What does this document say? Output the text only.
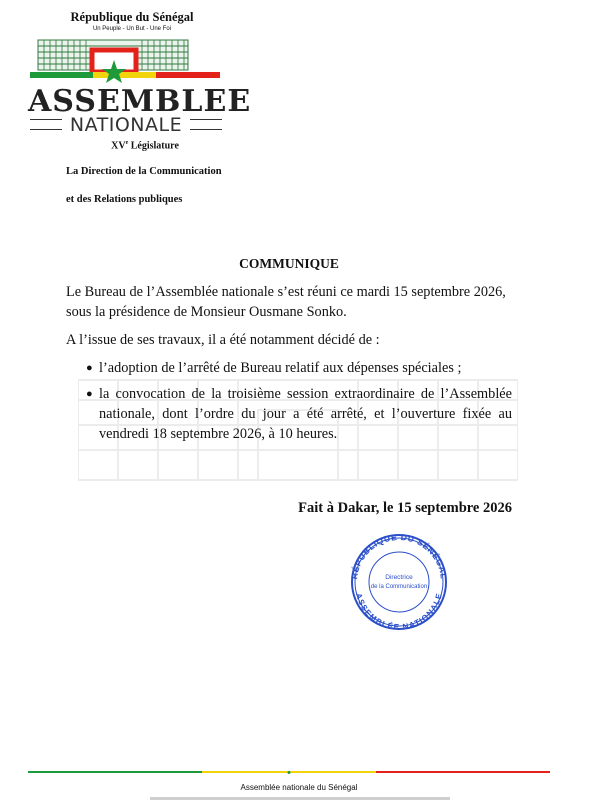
République du Sénégal
Un Peuple - Un But - Une Foi
ASSEMBLEE
NATIONALE
XVe Législature
La Direction de la Communication
et des Relations publiques
COMMUNIQUE

Le Bureau de l’Assemblée nationale s’est réuni ce mardi 15 septembre 2026, sous la présidence de Monsieur Ousmane Sonko.

A l’issue de ses travaux, il a été notamment décidé de :

● l’adoption de l’arrêté de Bureau relatif aux dépenses spéciales ;
● la convocation de la troisième session extraordinaire de l’Assemblée nationale, dont l’ordre du jour a été arrêté, et l’ouverture fixée au vendredi 18 septembre 2026, à 10 heures.
Fait à Dakar, le 15 septembre 2026
RÉPUBLIQUE DU SÉNÉGAL
ASSEMBLÉE NATIONALE
Directrice
de la Communication
Assemblée nationale du Sénégal
